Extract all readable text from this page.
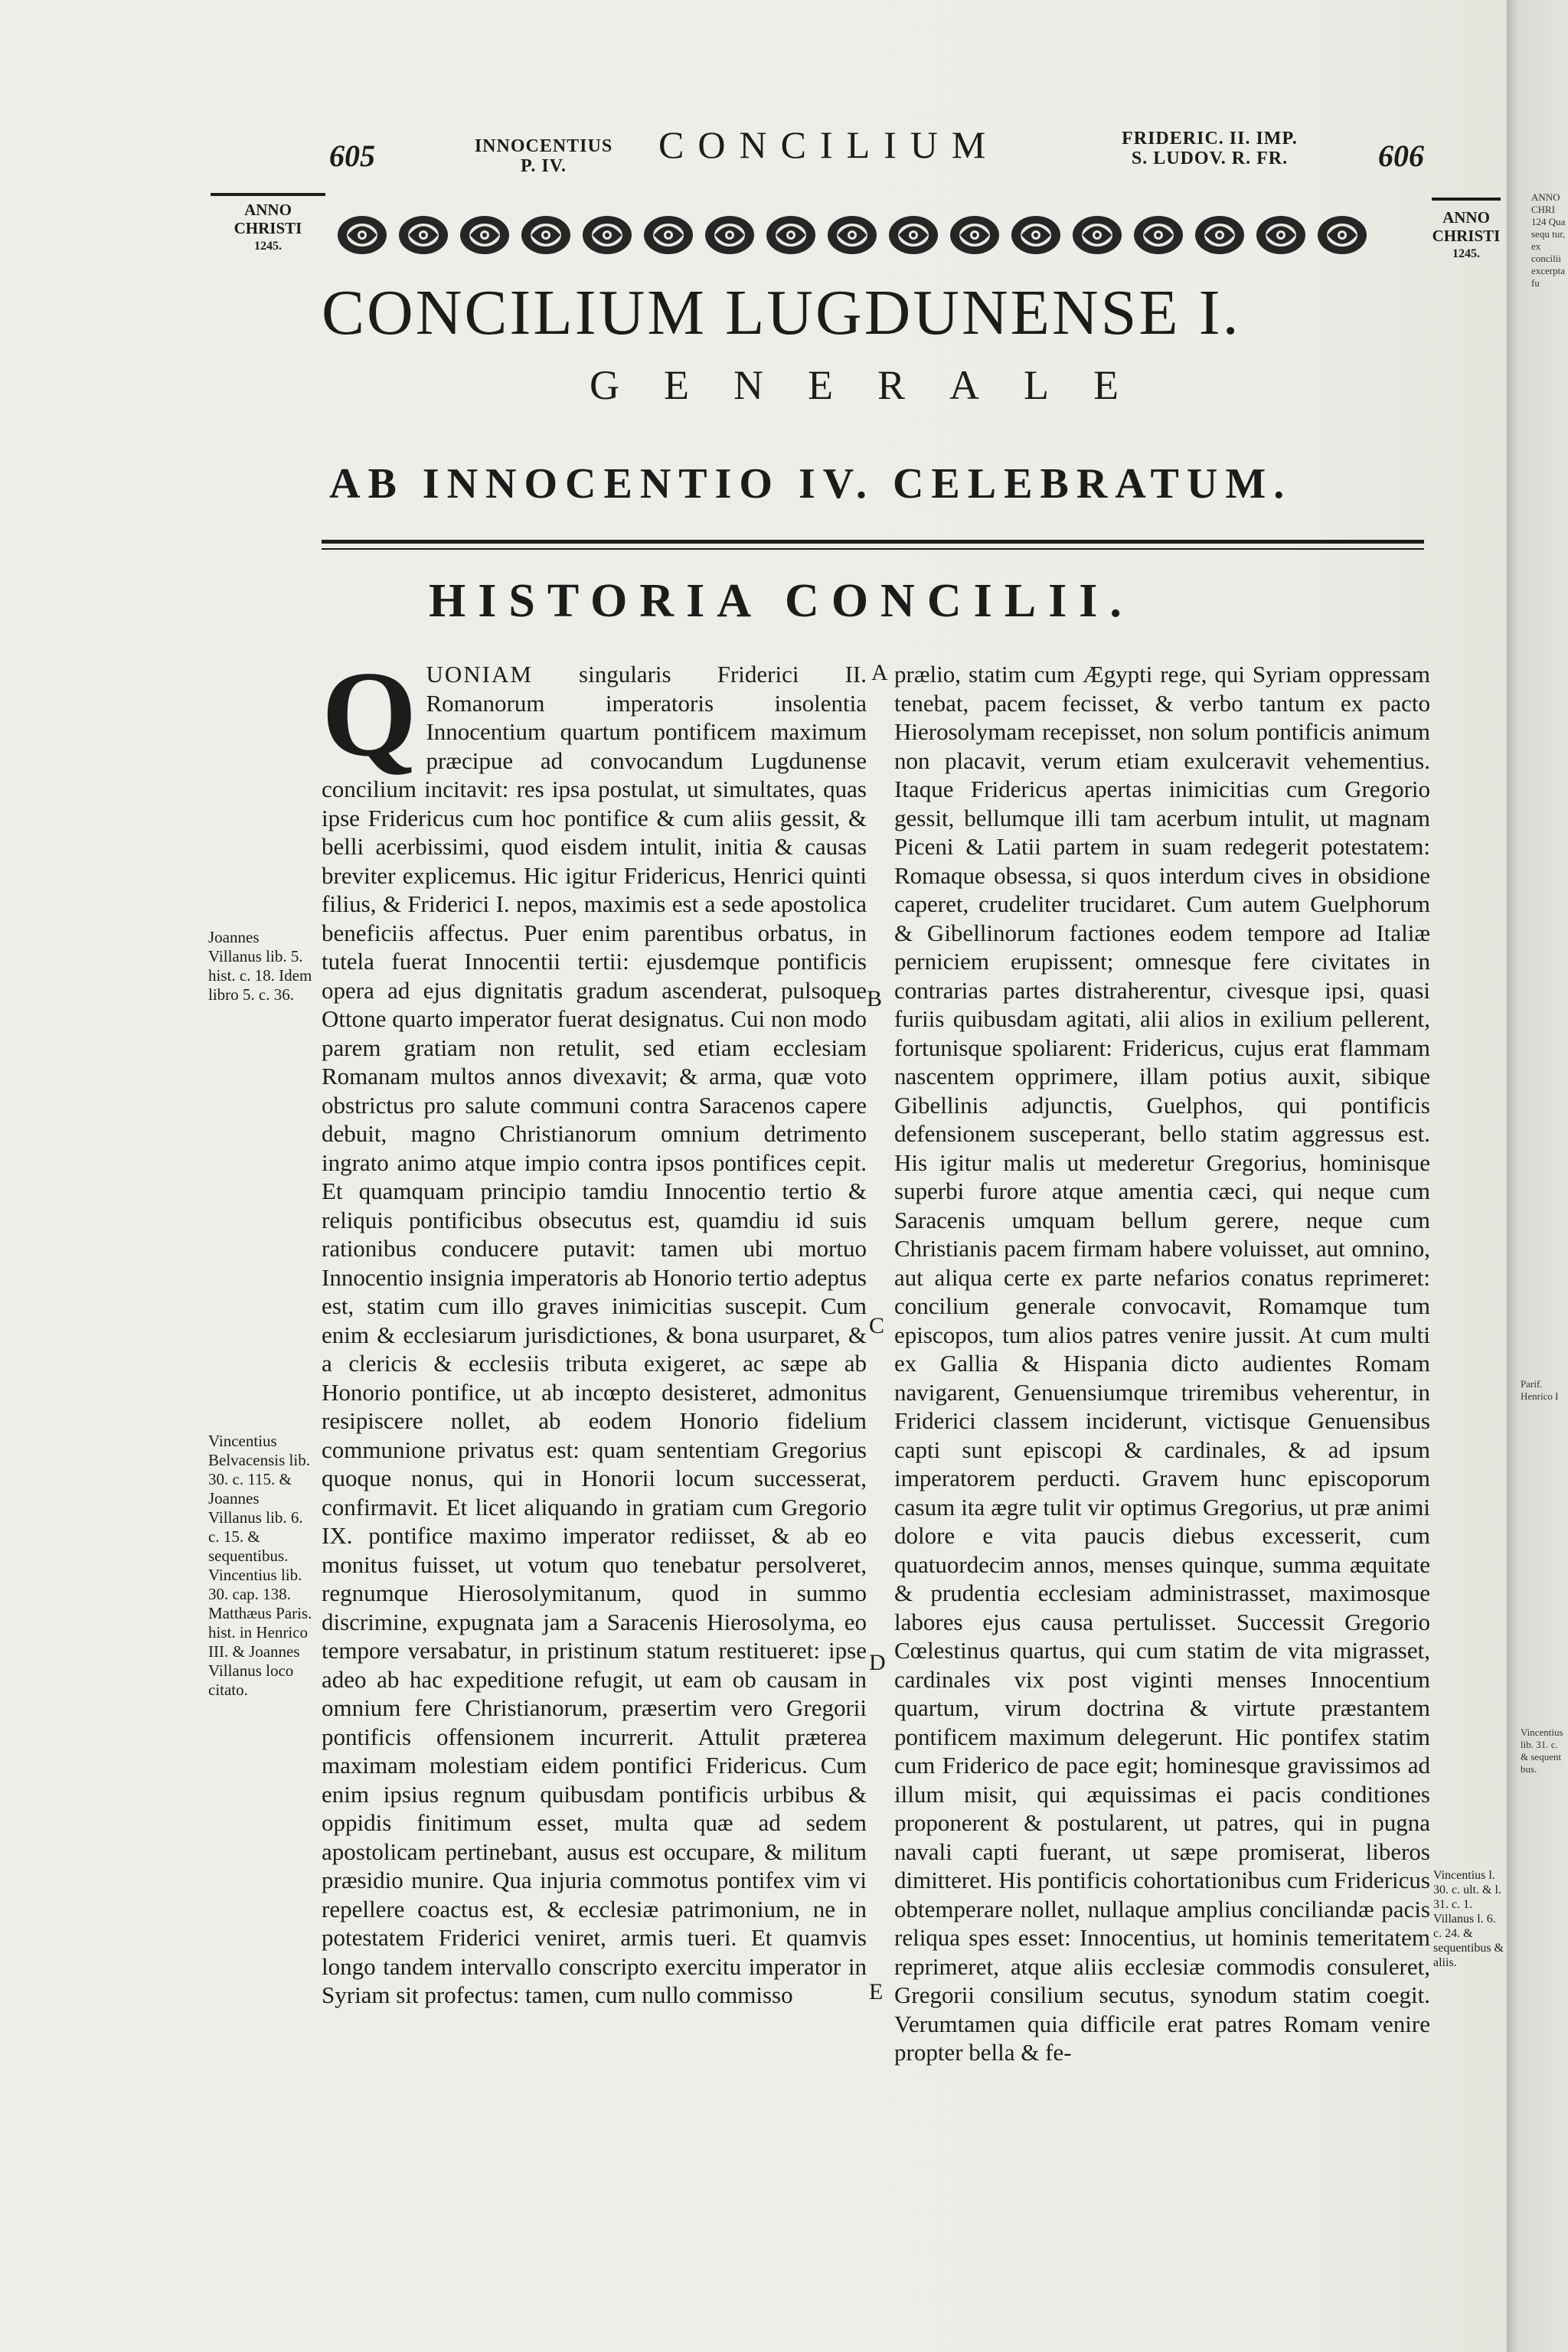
605	INNOCENTIUS
P. IV.	CONCILIUM	FRIDERIC. II. IMP.
S. LUDOV. R. FR.	606
ANNO
CHRISTI
1245.
ANNO
CHRISTI
1245.
CONCILIUM LUGDUNENSE I.
GENERALE
AB INNOCENTIO IV. CELEBRATUM.
HISTORIA CONCILII.
Q UONIAM singularis Friderici II. Romanorum imperatoris insolentia Innocentium quartum pontificem maximum præcipue ad convocandum Lugdunense concilium incitavit: res ipsa postulat, ut simultates, quas ipse Fridericus cum hoc pontifice & cum aliis gessit, & belli acerbissimi, quod eisdem intulit, initia & causas breviter explicemus. Hic igitur Fridericus, Henrici quinti filius, & Friderici I. nepos, maximis est a sede apostolica beneficiis affectus. Puer enim parentibus orbatus, in tutela fuerat Innocentii tertii: ejusdemque pontificis opera ad ejus dignitatis gradum ascenderat, pulsoque Ottone quarto imperator fuerat designatus. Cui non modo parem gratiam non retulit, sed etiam ecclesiam Romanam multos annos divexavit; & arma, quæ voto obstrictus pro salute communi contra Saracenos capere debuit, magno Christianorum omnium detrimento ingrato animo atque impio contra ipsos pontifices cepit. Et quamquam principio tamdiu Innocentio tertio & reliquis pontificibus obsecutus est, quamdiu id suis rationibus conducere putavit: tamen ubi mortuo Innocentio insignia imperatoris ab Honorio tertio adeptus est, statim cum illo graves inimicitias suscepit. Cum enim & ecclesiarum jurisdictiones, & bona usurparet, & a clericis & ecclesiis tributa exigeret, ac sæpe ab Honorio pontifice, ut ab incœpto desisteret, admonitus resipiscere nollet, ab eodem Honorio fidelium communione privatus est: quam sententiam Gregorius quoque nonus, qui in Honorii locum successerat, confirmavit. Et licet aliquando in gratiam cum Gregorio IX. pontifice maximo imperator rediisset, & ab eo monitus fuisset, ut votum quo tenebatur persolveret, regnumque Hierosolymitanum, quod in summo discrimine, expugnata jam a Saracenis Hierosolyma, eo tempore versabatur, in pristinum statum restitueret: ipse adeo ab hac expeditione refugit, ut eam ob causam in omnium fere Christianorum, præsertim vero Gregorii pontificis offensionem incurrerit. Attulit præterea maximam molestiam eidem pontifici Fridericus. Cum enim ipsius regnum quibusdam pontificis urbibus & oppidis finitimum esset, multa quæ ad sedem apostolicam pertinebant, ausus est occupare, & militum præsidio munire. Qua injuria commotus pontifex vim vi repellere coactus est, & ecclesiæ patrimonium, ne in potestatem Friderici veniret, armis tueri. Et quamvis longo tandem intervallo conscripto exercitu imperator in Syriam sit profectus: tamen, cum nullo commisso

prælio, statim cum Ægypti rege, qui Syriam oppressam tenebat, pacem fecisset, & verbo tantum ex pacto Hierosolymam recepisset, non solum pontificis animum non placavit, verum etiam exulceravit vehementius. Itaque Fridericus apertas inimicitias cum Gregorio gessit, bellumque illi tam acerbum intulit, ut magnam Piceni & Latii partem in suam redegerit potestatem: Romaque obsessa, si quos interdum cives in obsidione caperet, crudeliter trucidaret. Cum autem Guelphorum & Gibellinorum factiones eodem tempore ad Italiæ perniciem erupissent; omnesque fere civitates in contrarias partes distraherentur, civesque ipsi, quasi furiis quibusdam agitati, alii alios in exilium pellerent, fortunisque spoliarent: Fridericus, cujus erat flammam nascentem opprimere, illam potius auxit, sibique Gibellinis adjunctis, Guelphos, qui pontificis defensionem susceperant, bello statim aggressus est. His igitur malis ut mederetur Gregorius, hominisque superbi furore atque amentia cæci, qui neque cum Saracenis umquam bellum gerere, neque cum Christianis pacem firmam habere voluisset, aut omnino, aut aliqua certe ex parte nefarios conatus reprimeret: concilium generale convocavit, Romamque tum episcopos, tum alios patres venire jussit. At cum multi ex Gallia & Hispania dicto audientes Romam navigarent, Genuensiumque triremibus veherentur, in Friderici classem inciderunt, victisque Genuensibus capti sunt episcopi & cardinales, & ad ipsum imperatorem perducti. Gravem hunc episcoporum casum ita ægre tulit vir optimus Gregorius, ut præ animi dolore e vita paucis diebus excesserit, cum quatuordecim annos, menses quinque, summa æquitate & prudentia ecclesiam administrasset, maximosque labores ejus causa pertulisset. Successit Gregorio Cœlestinus quartus, qui cum statim de vita migrasset, cardinales vix post viginti menses Innocentium quartum, virum doctrina & virtute præstantem pontificem maximum delegerunt. Hic pontifex statim cum Friderico de pace egit; hominesque gravissimos ad illum misit, qui æquissimas ei pacis conditiones proponerent & postularent, ut patres, qui in pugna navali capti fuerant, ut sæpe promiserat, liberos dimitteret. His pontificis cohortationibus cum Fridericus obtemperare nollet, nullaque amplius conciliandæ pacis reliqua spes esset: Innocentius, ut hominis temeritatem reprimeret, atque aliis ecclesiæ commodis consuleret, Gregorii consilium secutus, synodum statim coegit. Verumtamen quia difficile erat patres Romam venire propter bella & fe-

A
B
C
D
E
Joannes Villanus lib. 5. hist. c. 18. Idem libro 5. c. 36.
Vincentius Belvacensis lib. 30. c. 115. & Joannes Villanus lib. 6. c. 15. & sequentibus. Vincentius lib. 30. cap. 138. Matthæus Paris. hist. in Henrico III. & Joannes Villanus loco citato.
Vincentius l. 30. c. ult. & l. 31. c. 1. Villanus l. 6. c. 24. & sequentibus & aliis.
ANNO CHRI 124 Qua sequ tur, ex concilii excerpta fu
Parif. Henrico I
Vincentius lib. 31. c. & sequent bus.
